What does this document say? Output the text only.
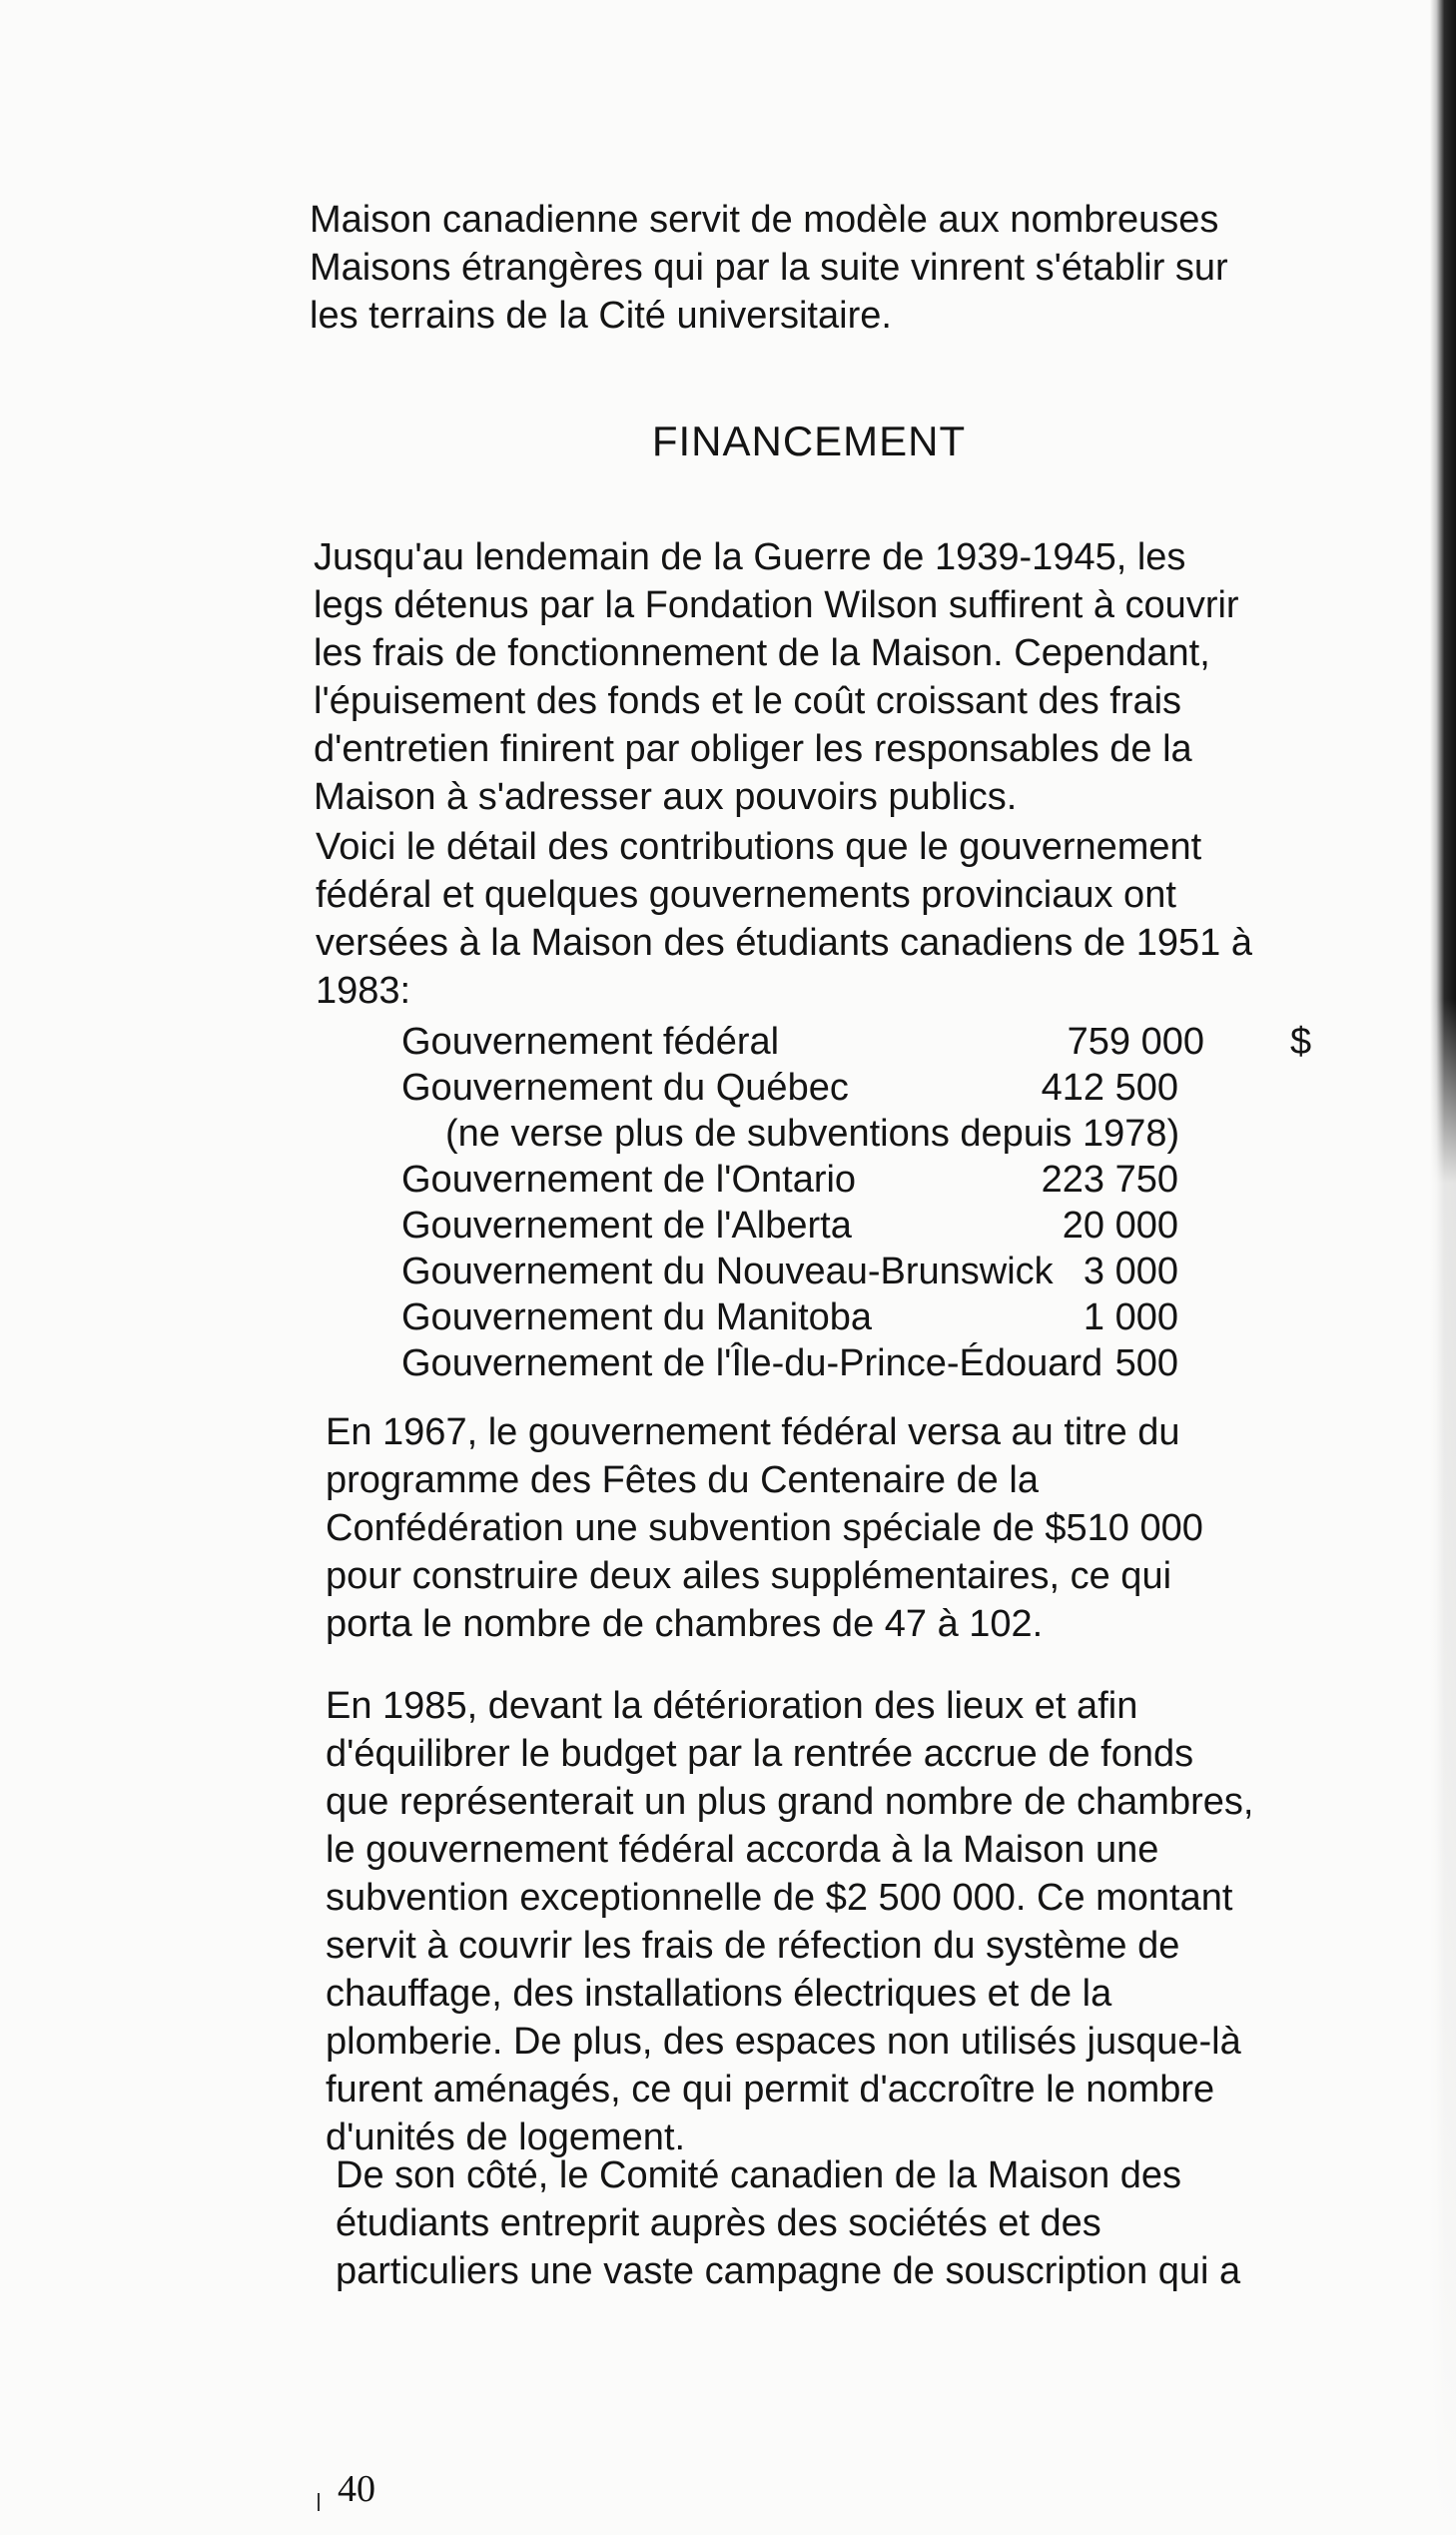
Maison canadienne servit de modèle aux nombreuses
Maisons étrangères qui par la suite vinrent s'établir sur
les terrains de la Cité universitaire.

FINANCEMENT

Jusqu'au lendemain de la Guerre de 1939-1945, les
legs détenus par la Fondation Wilson suffirent à couvrir
les frais de fonctionnement de la Maison. Cependant,
l'épuisement des fonds et le coût croissant des frais
d'entretien finirent par obliger les responsables de la
Maison à s'adresser aux pouvoirs publics.

Voici le détail des contributions que le gouvernement
fédéral et quelques gouvernements provinciaux ont
versées à la Maison des étudiants canadiens de 1951 à
1983:

Gouvernement fédéral	759 000 $
Gouvernement du Québec	412 500
(ne verse plus de subventions depuis 1978)
Gouvernement de l'Ontario	223 750
Gouvernement de l'Alberta	20 000
Gouvernement du Nouveau-Brunswick 3 000
Gouvernement du Manitoba	1 000
Gouvernement de l'Île-du-Prince-Édouard 500

En 1967, le gouvernement fédéral versa au titre du
programme des Fêtes du Centenaire de la
Confédération une subvention spéciale de $510 000
pour construire deux ailes supplémentaires, ce qui
porta le nombre de chambres de 47 à 102.

En 1985, devant la détérioration des lieux et afin
d'équilibrer le budget par la rentrée accrue de fonds
que représenterait un plus grand nombre de chambres,
le gouvernement fédéral accorda à la Maison une
subvention exceptionnelle de $2 500 000. Ce montant
servit à couvrir les frais de réfection du système de
chauffage, des installations électriques et de la
plomberie. De plus, des espaces non utilisés jusque-là
furent aménagés, ce qui permit d'accroître le nombre
d'unités de logement.

De son côté, le Comité canadien de la Maison des
étudiants entreprit auprès des sociétés et des
particuliers une vaste campagne de souscription qui a

40
